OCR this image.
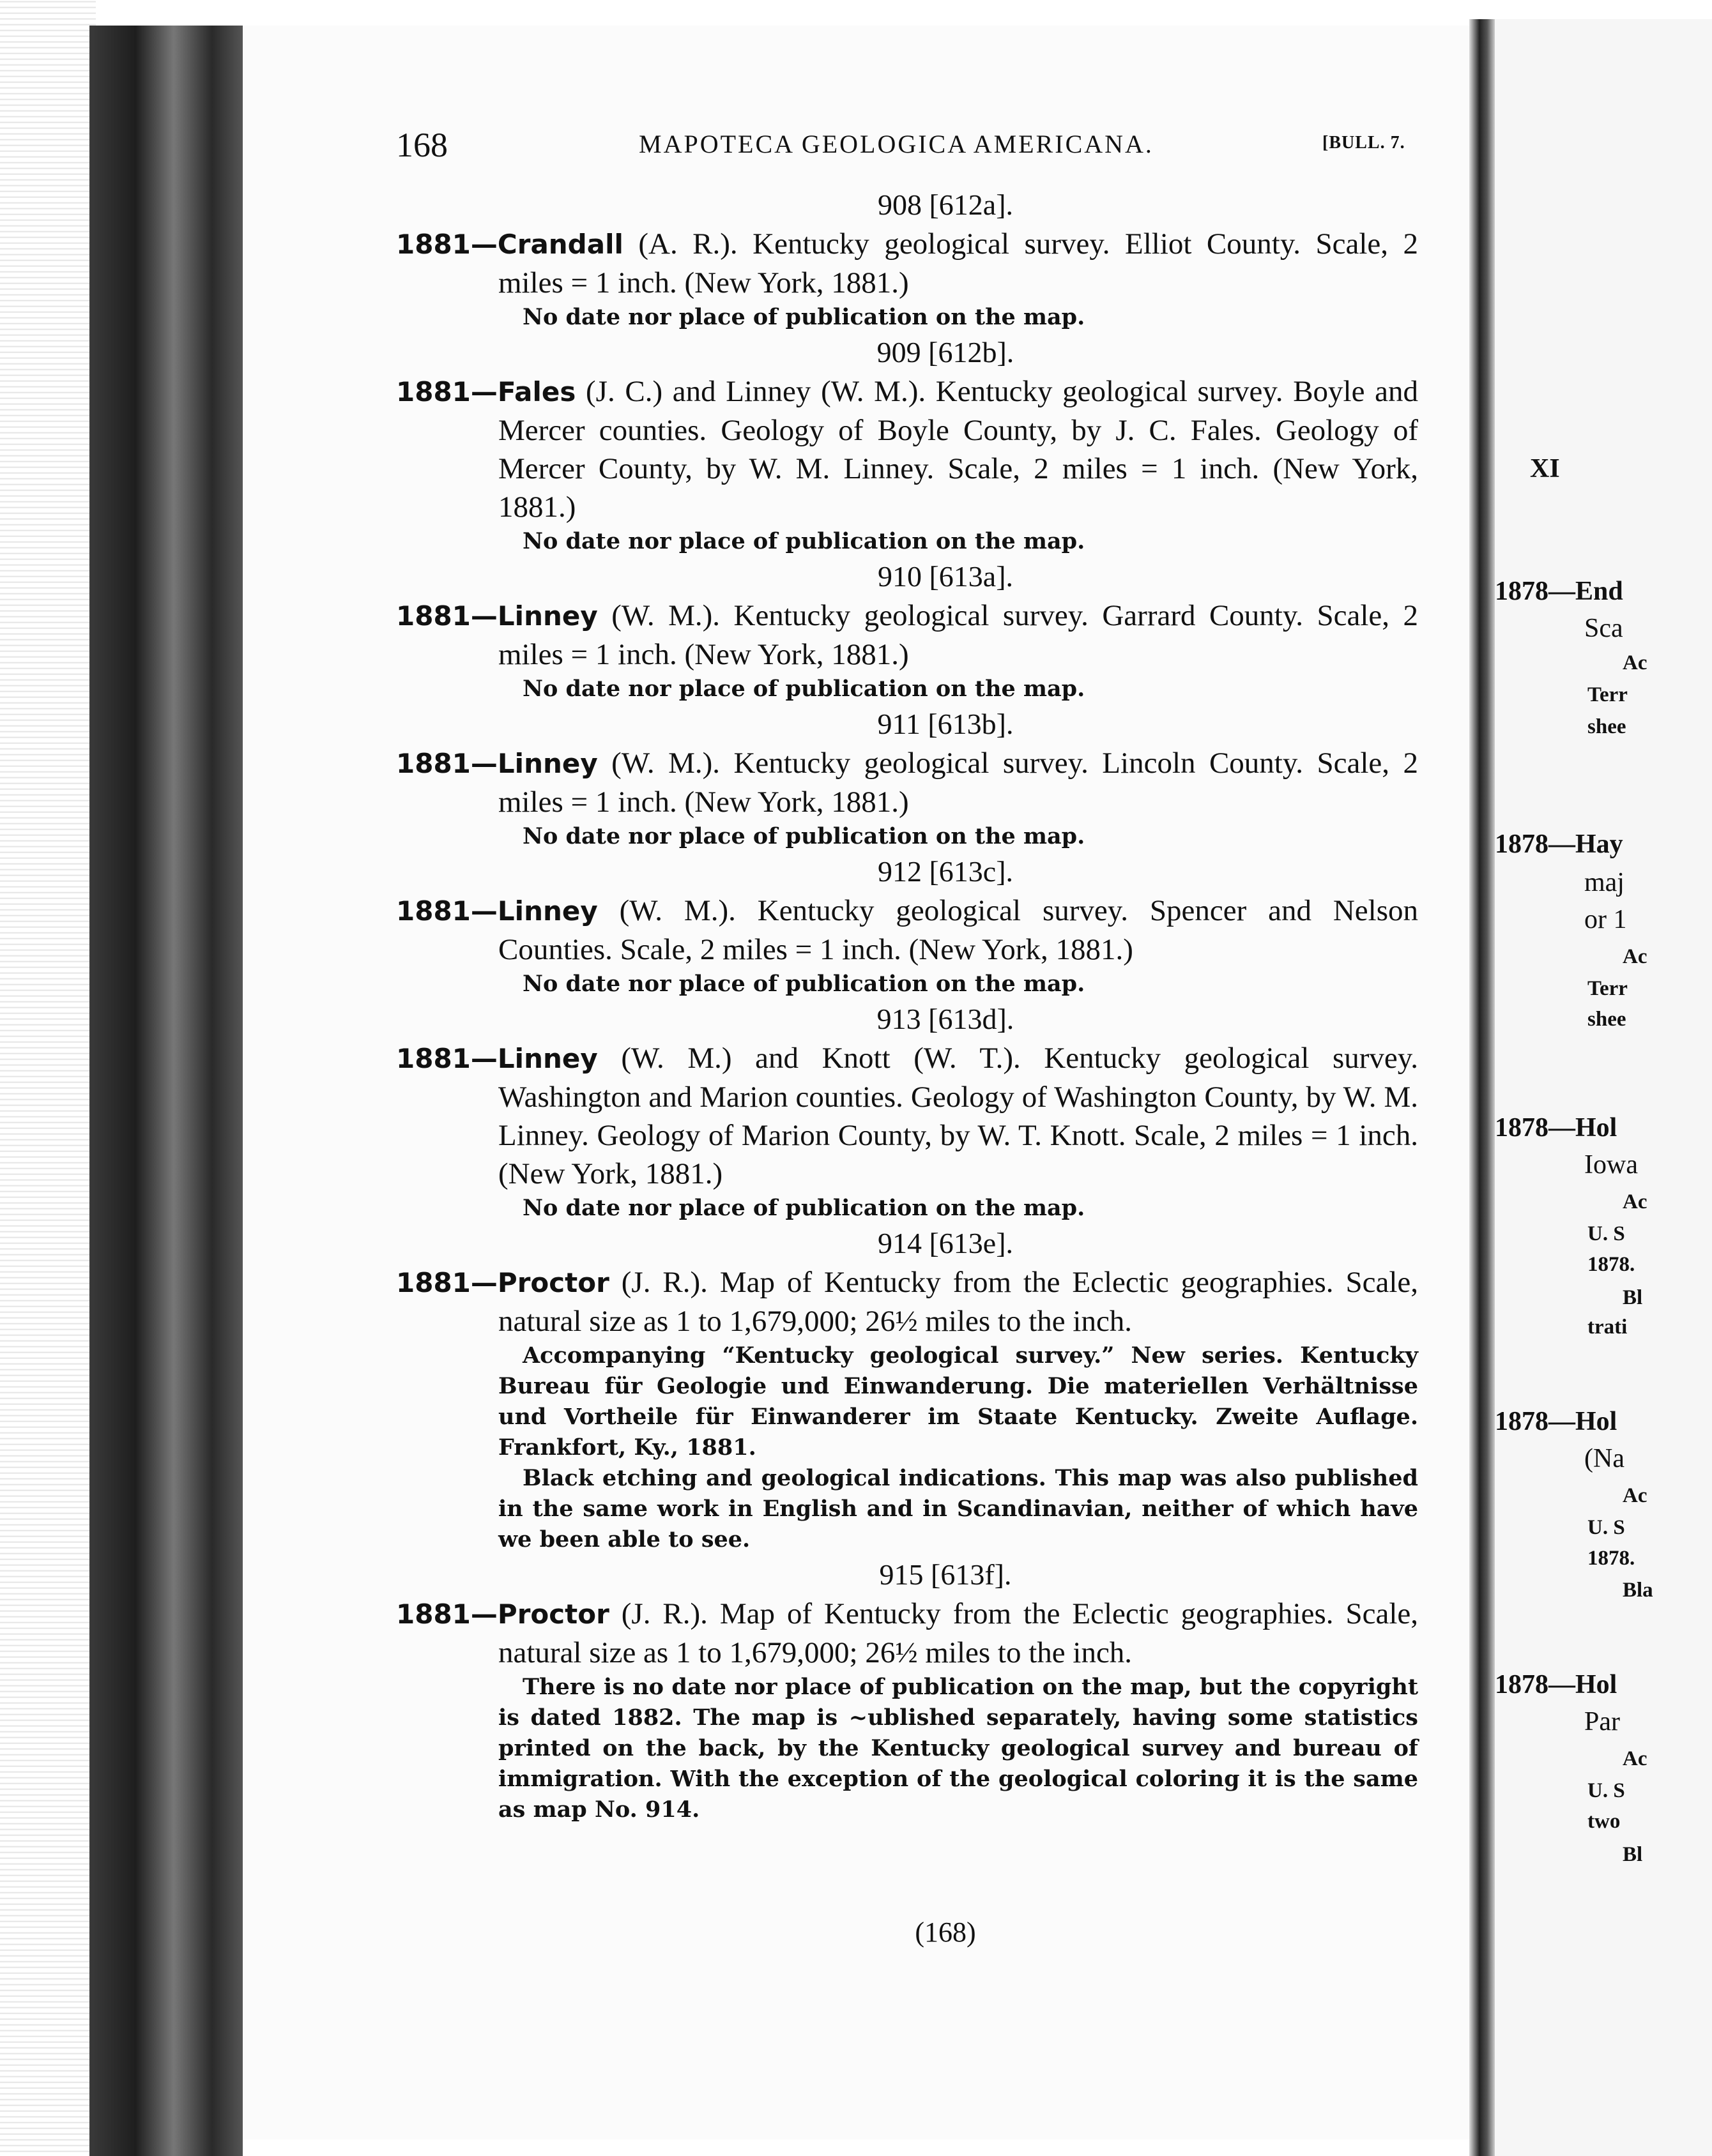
XI
1878—End
Sca
Ac
Terr
shee
1878—Hay
maj
or 1
Ac
Terr
shee
1878—Hol
Iowa
Ac
U. S
1878.
Bl
trati
1878—Hol
(Na
Ac
U. S
1878.
Bla
1878—Hol
Par
Ac
U. S
two
Bl
168	MAPOTECA GEOLOGICA AMERICANA.	[BULL. 7.
908 [612a].
1881—Crandall (A. R.). Kentucky geological survey. Elliot County. Scale, 2 miles = 1 inch. (New York, 1881.)
No date nor place of publication on the map.
909 [612b].
1881—Fales (J. C.) and Linney (W. M.). Kentucky geological survey. Boyle and Mercer counties. Geology of Boyle County, by J. C. Fales. Geology of Mercer County, by W. M. Linney. Scale, 2 miles = 1 inch. (New York, 1881.)
No date nor place of publication on the map.
910 [613a].
1881—Linney (W. M.). Kentucky geological survey. Garrard County. Scale, 2 miles = 1 inch. (New York, 1881.)
No date nor place of publication on the map.
911 [613b].
1881—Linney (W. M.). Kentucky geological survey. Lincoln County. Scale, 2 miles = 1 inch. (New York, 1881.)
No date nor place of publication on the map.
912 [613c].
1881—Linney (W. M.). Kentucky geological survey. Spencer and Nelson Counties. Scale, 2 miles = 1 inch. (New York, 1881.)
No date nor place of publication on the map.
913 [613d].
1881—Linney (W. M.) and Knott (W. T.). Kentucky geological survey. Washington and Marion counties. Geology of Washington County, by W. M. Linney. Geology of Marion County, by W. T. Knott. Scale, 2 miles = 1 inch. (New York, 1881.)
No date nor place of publication on the map.
914 [613e].
1881—Proctor (J. R.). Map of Kentucky from the Eclectic geographies. Scale, natural size as 1 to 1,679,000; 26½ miles to the inch.
Accompanying “Kentucky geological survey.” New series. Kentucky Bureau für Geologie und Einwanderung. Die materiellen Verhältnisse und Vortheile für Einwanderer im Staate Kentucky. Zweite Auflage. Frankfort, Ky., 1881.
Black etching and geological indications. This map was also published in the same work in English and in Scandinavian, neither of which have we been able to see.
915 [613f].
1881—Proctor (J. R.). Map of Kentucky from the Eclectic geographies. Scale, natural size as 1 to 1,679,000; 26½ miles to the inch.
There is no date nor place of publication on the map, but the copyright is dated 1882. The map is ~ublished separately, having some statistics printed on the back, by the Kentucky geological survey and bureau of immigration. With the exception of the geological coloring it is the same as map No. 914.
(168)
